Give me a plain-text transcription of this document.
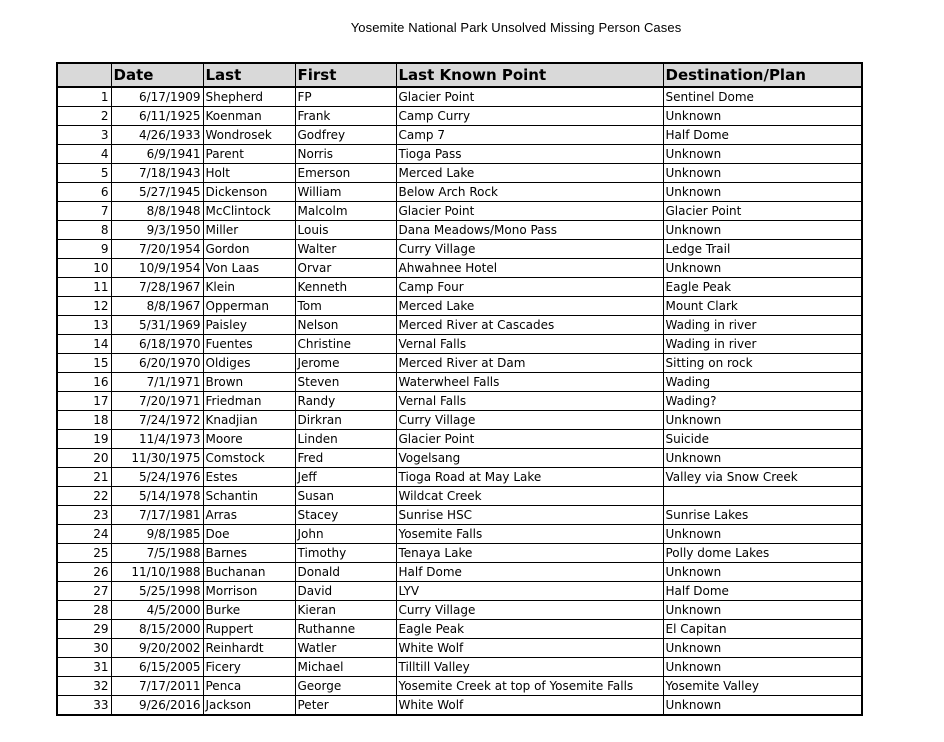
Yosemite National Park Unsolved Missing Person Cases
	Date	Last	First	Last Known Point	Destination/Plan
1	6/17/1909	Shepherd	FP	Glacier Point	Sentinel Dome
2	6/11/1925	Koenman	Frank	Camp Curry	Unknown
3	4/26/1933	Wondrosek	Godfrey	Camp 7	Half Dome
4	6/9/1941	Parent	Norris	Tioga Pass	Unknown
5	7/18/1943	Holt	Emerson	Merced Lake	Unknown
6	5/27/1945	Dickenson	William	Below Arch Rock	Unknown
7	8/8/1948	McClintock	Malcolm	Glacier Point	Glacier Point
8	9/3/1950	Miller	Louis	Dana Meadows/Mono Pass	Unknown
9	7/20/1954	Gordon	Walter	Curry Village	Ledge Trail
10	10/9/1954	Von Laas	Orvar	Ahwahnee Hotel	Unknown
11	7/28/1967	Klein	Kenneth	Camp Four	Eagle Peak
12	8/8/1967	Opperman	Tom	Merced Lake	Mount Clark
13	5/31/1969	Paisley	Nelson	Merced River at Cascades	Wading in river
14	6/18/1970	Fuentes	Christine	Vernal Falls	Wading in river
15	6/20/1970	Oldiges	Jerome	Merced River at Dam	Sitting on rock
16	7/1/1971	Brown	Steven	Waterwheel Falls	Wading
17	7/20/1971	Friedman	Randy	Vernal Falls	Wading?
18	7/24/1972	Knadjian	Dirkran	Curry Village	Unknown
19	11/4/1973	Moore	Linden	Glacier Point	Suicide
20	11/30/1975	Comstock	Fred	Vogelsang	Unknown
21	5/24/1976	Estes	Jeff	Tioga Road at May Lake	Valley via Snow Creek
22	5/14/1978	Schantin	Susan	Wildcat Creek	
23	7/17/1981	Arras	Stacey	Sunrise HSC	Sunrise Lakes
24	9/8/1985	Doe	John	Yosemite Falls	Unknown
25	7/5/1988	Barnes	Timothy	Tenaya Lake	Polly dome Lakes
26	11/10/1988	Buchanan	Donald	Half Dome	Unknown
27	5/25/1998	Morrison	David	LYV	Half Dome
28	4/5/2000	Burke	Kieran	Curry Village	Unknown
29	8/15/2000	Ruppert	Ruthanne	Eagle Peak	El Capitan
30	9/20/2002	Reinhardt	Watler	White Wolf	Unknown
31	6/15/2005	Ficery	Michael	Tilltill Valley	Unknown
32	7/17/2011	Penca	George	Yosemite Creek at top of Yosemite Falls	Yosemite Valley
33	9/26/2016	Jackson	Peter	White Wolf	Unknown
